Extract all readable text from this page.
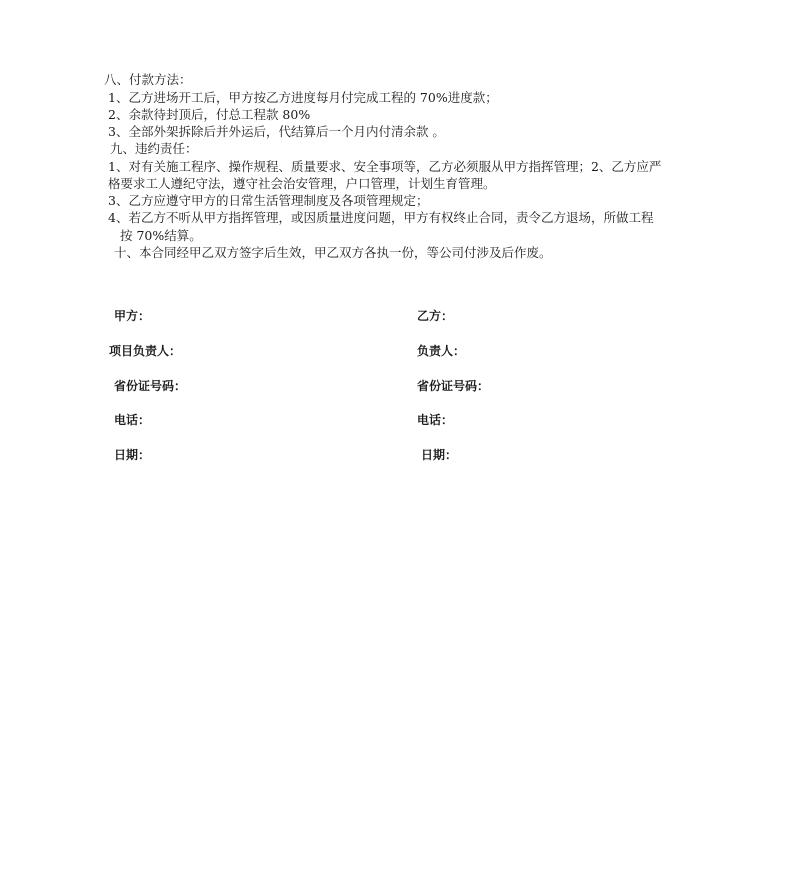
八、付款方法：
1、乙方进场开工后，甲方按乙方进度每月付完成工程的 70%进度款；
2、余款待封顶后，付总工程款 80%
3、全部外架拆除后并外运后，代结算后一个月内付清余款 。
九、违约责任：
1、对有关施工程序、操作规程、质量要求、安全事项等，乙方必须服从甲方指挥管理；2、乙方应严
格要求工人遵纪守法，遵守社会治安管理，户口管理，计划生育管理。
3、乙方应遵守甲方的日常生活管理制度及各项管理规定；
4、若乙方不听从甲方指挥管理，或因质量进度问题，甲方有权终止合同，责令乙方退场，所做工程
按 70%结算。
十、本合同经甲乙双方签字后生效，甲乙双方各执一份，等公司付涉及后作废。
甲方：
项目负责人：
省份证号码：
电话：
日期：
乙方：
负责人：
省份证号码：
电话：
日期：
